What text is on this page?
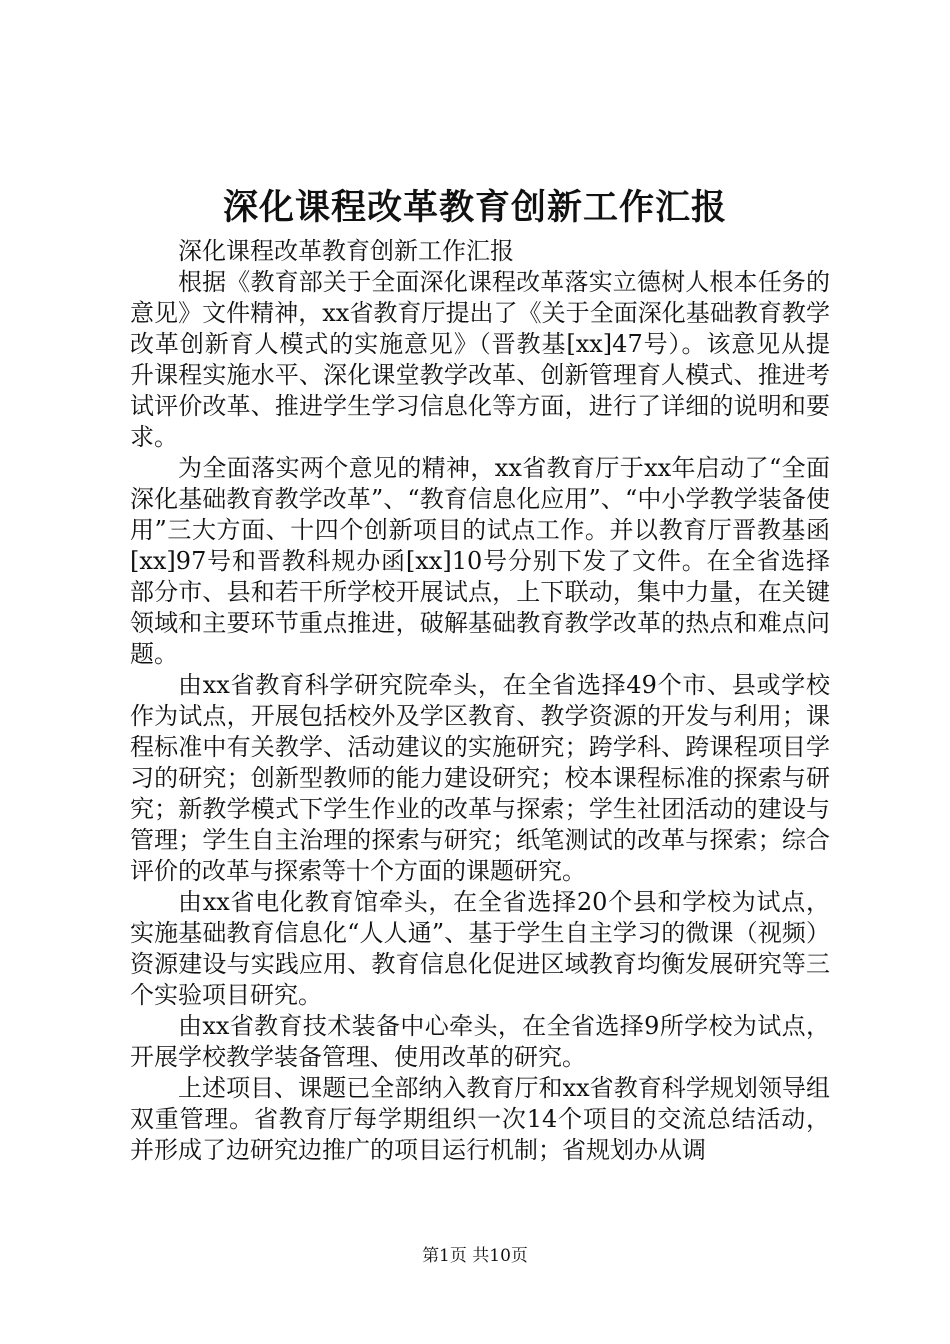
深化课程改革教育创新工作汇报

深化课程改革教育创新工作汇报

根据《教育部关于全面深化课程改革落实立德树人根本任务的意见》文件精神，xx省教育厅提出了《关于全面深化基础教育教学改革创新育人模式的实施意见》（晋教基[xx]47号）。该意见从提升课程实施水平、深化课堂教学改革、创新管理育人模式、推进考试评价改革、推进学生学习信息化等方面，进行了详细的说明和要求。

为全面落实两个意见的精神，xx省教育厅于xx年启动了“全面深化基础教育教学改革”、“教育信息化应用”、“中小学教学装备使用”三大方面、十四个创新项目的试点工作。并以教育厅晋教基函[xx]97号和晋教科规办函[xx]10号分别下发了文件。在全省选择部分市、县和若干所学校开展试点，上下联动，集中力量，在关键领域和主要环节重点推进，破解基础教育教学改革的热点和难点问题。

由xx省教育科学研究院牵头，在全省选择49个市、县或学校作为试点，开展包括校外及学区教育、教学资源的开发与利用；课程标准中有关教学、活动建议的实施研究；跨学科、跨课程项目学习的研究；创新型教师的能力建设研究；校本课程标准的探索与研究；新教学模式下学生作业的改革与探索；学生社团活动的建设与管理；学生自主治理的探索与研究；纸笔测试的改革与探索；综合评价的改革与探索等十个方面的课题研究。

由xx省电化教育馆牵头，在全省选择20个县和学校为试点，实施基础教育信息化“人人通”、基于学生自主学习的微课（视频）资源建设与实践应用、教育信息化促进区域教育均衡发展研究等三个实验项目研究。

由xx省教育技术装备中心牵头，在全省选择9所学校为试点，开展学校教学装备管理、使用改革的研究。

上述项目、课题已全部纳入教育厅和xx省教育科学规划领导组双重管理。省教育厅每学期组织一次14个项目的交流总结活动，并形成了边研究边推广的项目运行机制；省规划办从调

第1页 共10页
